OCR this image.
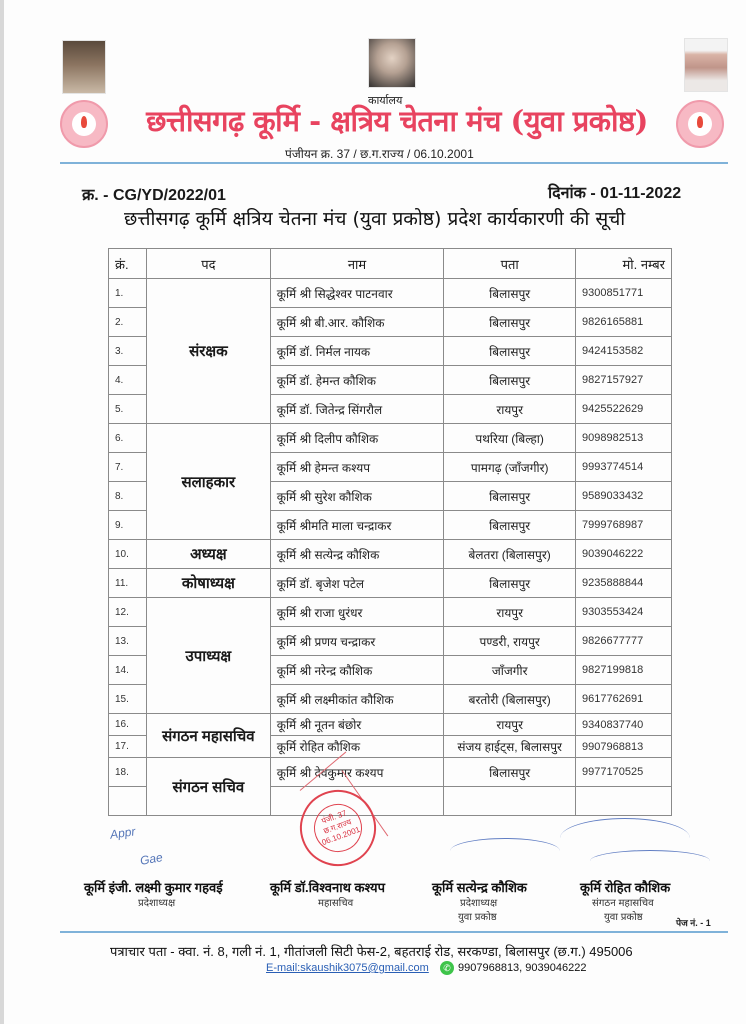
कार्यालय
छत्तीसगढ़ कूर्मि - क्षत्रिय चेतना मंच (युवा प्रकोष्ठ)
पंजीयन क्र. 37 / छ.ग.राज्य / 06.10.2001
क्र. - CG/YD/2022/01	दिनांक - 01-11-2022
छत्तीसगढ़ कूर्मि क्षत्रिय चेतना मंच (युवा प्रकोष्ठ) प्रदेश कार्यकारणी की सूची
क्रं.	पद	नाम	पता	मो. नम्बर
1.	संरक्षक	कूर्मि श्री सिद्धेश्वर पाटनवार	बिलासपुर	9300851771
2.		कूर्मि श्री बी.आर. कौशिक	बिलासपुर	9826165881
3.		कूर्मि डॉ. निर्मल नायक	बिलासपुर	9424153582
4.		कूर्मि डॉ. हेमन्त कौशिक	बिलासपुर	9827157927
5.		कूर्मि डॉ. जितेन्द्र सिंगरौल	रायपुर	9425522629
6.	सलाहकार	कूर्मि श्री दिलीप कौशिक	पथरिया (बिल्हा)	9098982513
7.		कूर्मि श्री हेमन्त कश्यप	पामगढ़ (जाँजगीर)	9993774514
8.		कूर्मि श्री सुरेश कौशिक	बिलासपुर	9589033432
9.		कूर्मि श्रीमति माला चन्द्राकर	बिलासपुर	7999768987
10.	अध्यक्ष	कूर्मि श्री सत्येन्द्र कौशिक	बेलतरा (बिलासपुर)	9039046222
11.	कोषाध्यक्ष	कूर्मि डॉ. बृजेश पटेल	बिलासपुर	9235888844
12.	उपाध्यक्ष	कूर्मि श्री राजा धुरंधर	रायपुर	9303553424
13.		कूर्मि श्री प्रणय चन्द्राकर	पण्डरी, रायपुर	9826677777
14.		कूर्मि श्री नरेन्द्र कौशिक	जाँजगीर	9827199818
15.		कूर्मि श्री लक्ष्मीकांत कौशिक	बरतोरी (बिलासपुर)	9617762691
16.	संगठन महासचिव	कूर्मि श्री नूतन बंछोर	रायपुर	9340837740
17.		कूर्मि रोहित कौशिक	संजय हाईट्स, बिलासपुर	9907968813
18.	संगठन सचिव	कूर्मि श्री देवकुमार कश्यप	बिलासपुर	9977170525

पंजी. 37 छ.ग.राज्य 06.10.2001
Appr
Gae
कूर्मि इंजी. लक्ष्मी कुमार गहवई
प्रदेशाध्यक्ष
कूर्मि डॉ.विश्वनाथ कश्यप
महासचिव
कूर्मि सत्येन्द्र कौशिक
प्रदेशाध्यक्ष
युवा प्रकोष्ठ
कूर्मि रोहित कौशिक
संगठन महासचिव
युवा प्रकोष्ठ	पेज नं. - 1
पत्राचार पता - क्वा. नं. 8, गली नं. 1, गीतांजली सिटी फेस-2, बहतराई रोड, सरकण्डा, बिलासपुर (छ.ग.) 495006
E-mail:skaushik3075@gmail.com	✆ 9907968813, 9039046222
